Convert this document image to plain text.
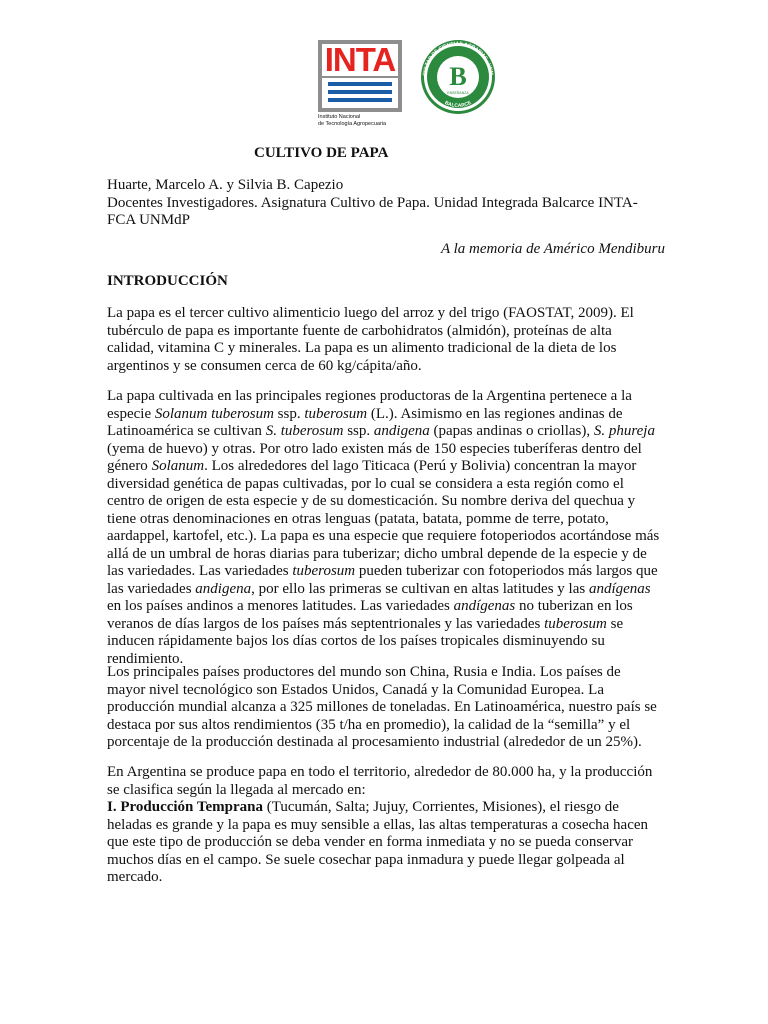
INTA
Instituto Nacional
de Tecnología Agropecuaria
CULTAD DE CIENCIAS AGRARIAS · UNM
BALCARCE
B
ENSEÑANZA
CULTIVO DE PAPA
Huarte, Marcelo A. y Silvia B. Capezio
Docentes Investigadores. Asignatura Cultivo de Papa. Unidad Integrada Balcarce INTA-
FCA UNMdP
A la memoria de Américo Mendiburu
INTRODUCCIÓN
La papa es el tercer cultivo alimenticio luego del arroz y del trigo (FAOSTAT, 2009). El
tubérculo de papa es importante fuente de carbohidratos (almidón), proteínas de alta
calidad, vitamina C y minerales. La papa es un alimento tradicional de la dieta de los
argentinos y se consumen cerca de 60 kg/cápita/año.
La papa cultivada en las principales regiones productoras de la Argentina pertenece a la
especie Solanum tuberosum ssp. tuberosum (L.). Asimismo en las regiones andinas de
Latinoamérica se cultivan S. tuberosum ssp. andigena (papas andinas o criollas), S. phureja
(yema de huevo) y otras. Por otro lado existen más de 150 especies tuberíferas dentro del
género Solanum. Los alrededores del lago Titicaca (Perú y Bolivia) concentran la mayor
diversidad genética de papas cultivadas, por lo cual se considera a esta región como el
centro de origen de esta especie y de su domesticación. Su nombre deriva del quechua y
tiene otras denominaciones en otras lenguas (patata, batata, pomme de terre, potato,
aardappel, kartofel, etc.). La papa es una especie que requiere fotoperiodos acortándose más
allá de un umbral de horas diarias para tuberizar; dicho umbral depende de la especie y de
las variedades. Las variedades tuberosum pueden tuberizar con fotoperiodos más largos que
las variedades andigena, por ello las primeras se cultivan en altas latitudes y las andígenas
en los países andinos a menores latitudes. Las variedades andígenas no tuberizan en los
veranos de días largos de los países más septentrionales y las variedades tuberosum se
inducen rápidamente bajos los días cortos de los países tropicales disminuyendo su
rendimiento.
Los principales países productores del mundo son China, Rusia e India. Los países de
mayor nivel tecnológico son Estados Unidos, Canadá y la Comunidad Europea. La
producción mundial alcanza a 325 millones de toneladas. En Latinoamérica, nuestro país se
destaca por sus altos rendimientos (35 t/ha en promedio), la calidad de la “semilla” y el
porcentaje de la producción destinada al procesamiento industrial (alrededor de un 25%).
En Argentina se produce papa en todo el territorio, alrededor de 80.000 ha, y la producción
se clasifica según la llegada al mercado en:
I. Producción Temprana (Tucumán, Salta; Jujuy, Corrientes, Misiones), el riesgo de
heladas es grande y la papa es muy sensible a ellas, las altas temperaturas a cosecha hacen
que este tipo de producción se deba vender en forma inmediata y no se pueda conservar
muchos días en el campo. Se suele cosechar papa inmadura y puede llegar golpeada al
mercado.
